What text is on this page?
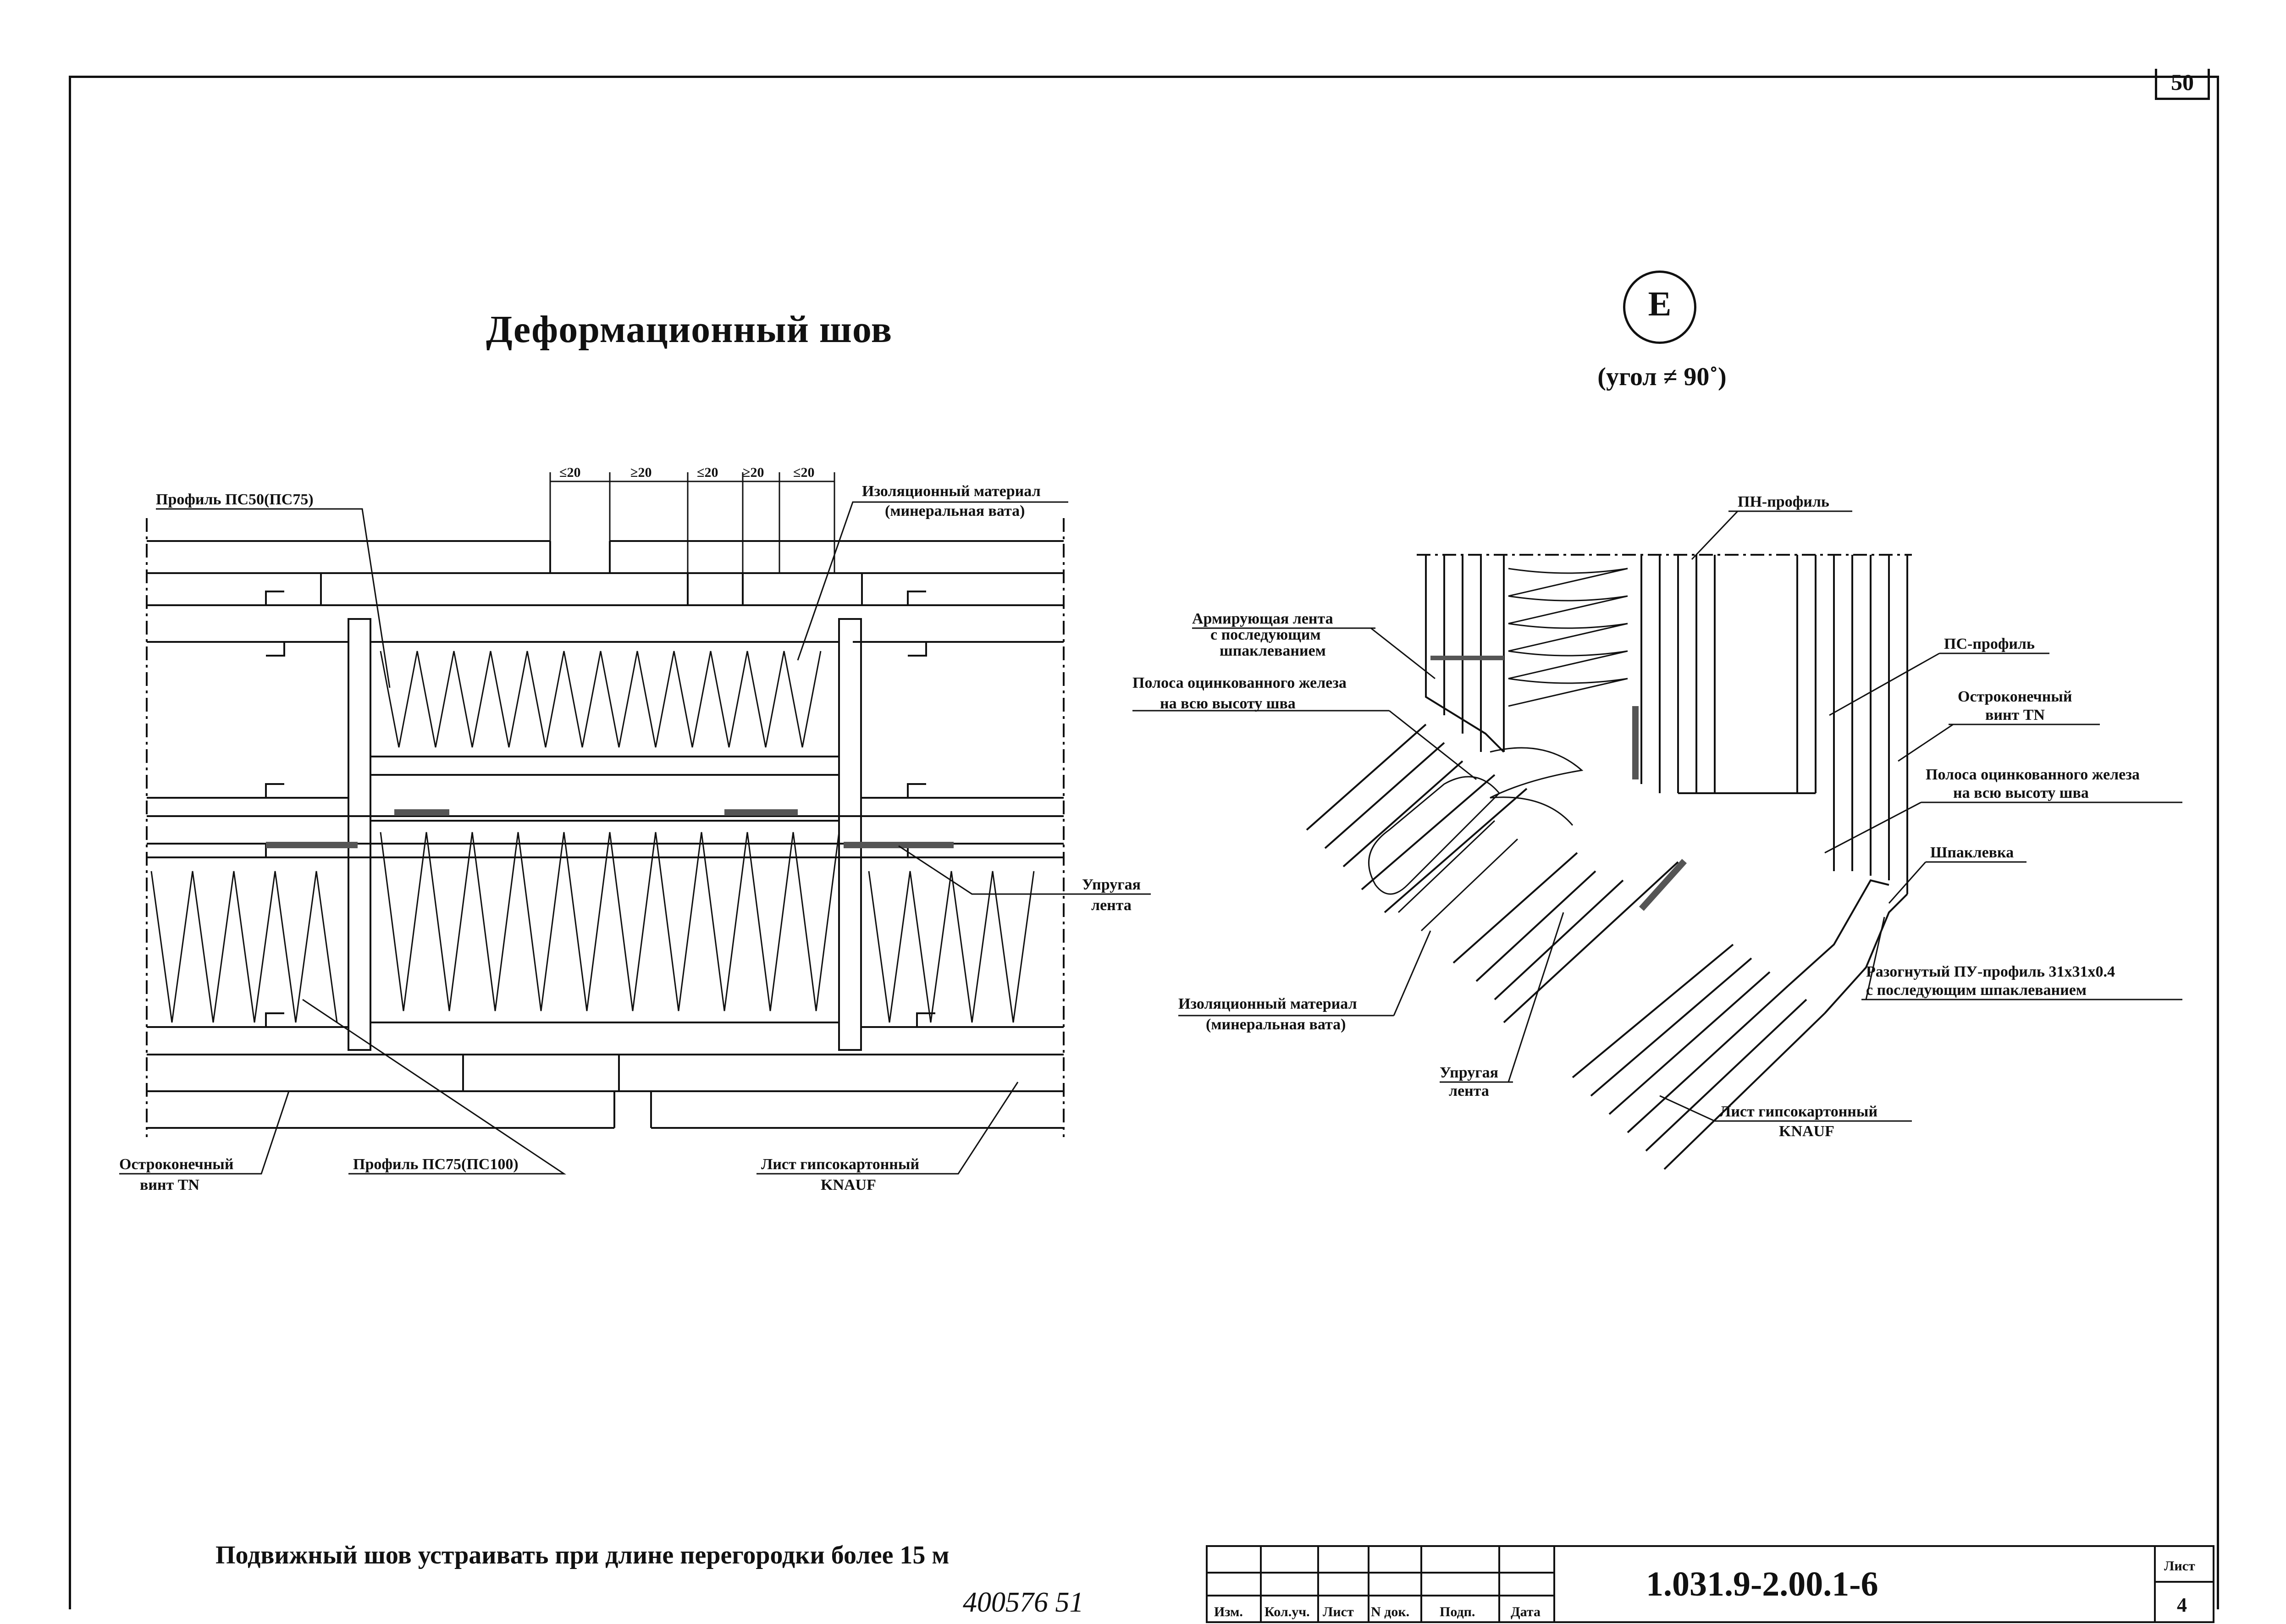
50
Деформационный шов
Е
(угол ≠ 90˚)
≤20	≥20	≤20 ≥20 ≤20
Профиль ПС50(ПС75)	Изоляционный материал
(минеральная вата)
Упругая
лента
Остроконечный
винт TN
Профиль ПС75(ПС100)	Лист гипсокартонный
KNAUF
ПН-профиль
Армирующая лента
с последующим
шпаклеванием
Полоса оцинкованного железа
на всю высоту шва
ПС-профиль
Остроконечный
винт TN
Полоса оцинкованного железа
на всю высоту шва
Шпаклевка
Разогнутый ПУ-профиль 31x31x0.4
с последующим шпаклеванием
Изоляционный материал
(минеральная вата)
Упругая
лента
Лист гипсокартонный
KNAUF
Подвижный шов устраивать при длине перегородки более 15 м
400576 51	Изм. Кол.уч. Лист N док. Подп.	Дата
1.031.9-2.00.1-6	Лист
4
